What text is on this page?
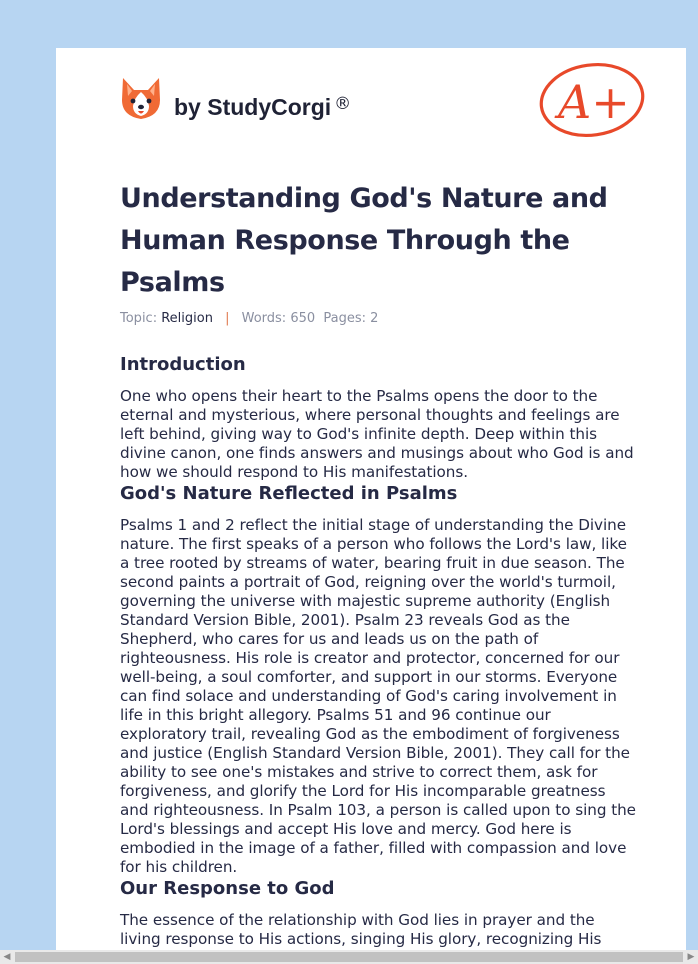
by StudyCorgi ®	A+
Understanding God's Nature and Human Response Through the Psalms
Topic: Religion | Words: 650 Pages: 2
Introduction

One who opens their heart to the Psalms opens the door to the eternal and mysterious, where personal thoughts and feelings are left behind, giving way to God's infinite depth. Deep within this divine canon, one finds answers and musings about who God is and how we should respond to His manifestations.

God's Nature Reflected in Psalms

Psalms 1 and 2 reflect the initial stage of understanding the Divine nature. The first speaks of a person who follows the Lord's law, like a tree rooted by streams of water, bearing fruit in due season. The second paints a portrait of God, reigning over the world's turmoil, governing the universe with majestic supreme authority (English Standard Version Bible, 2001). Psalm 23 reveals God as the Shepherd, who cares for us and leads us on the path of righteousness. His role is creator and protector, concerned for our well-being, a soul comforter, and support in our storms. Everyone can find solace and understanding of God's caring involvement in life in this bright allegory. Psalms 51 and 96 continue our exploratory trail, revealing God as the embodiment of forgiveness and justice (English Standard Version Bible, 2001). They call for the ability to see one's mistakes and strive to correct them, ask for forgiveness, and glorify the Lord for His incomparable greatness and righteousness. In Psalm 103, a person is called upon to sing the Lord's blessings and accept His love and mercy. God here is embodied in the image of a father, filled with compassion and love for his children.

Our Response to God

The essence of the relationship with God lies in prayer and the living response to His actions, singing His glory, recognizing His

◀	▶
